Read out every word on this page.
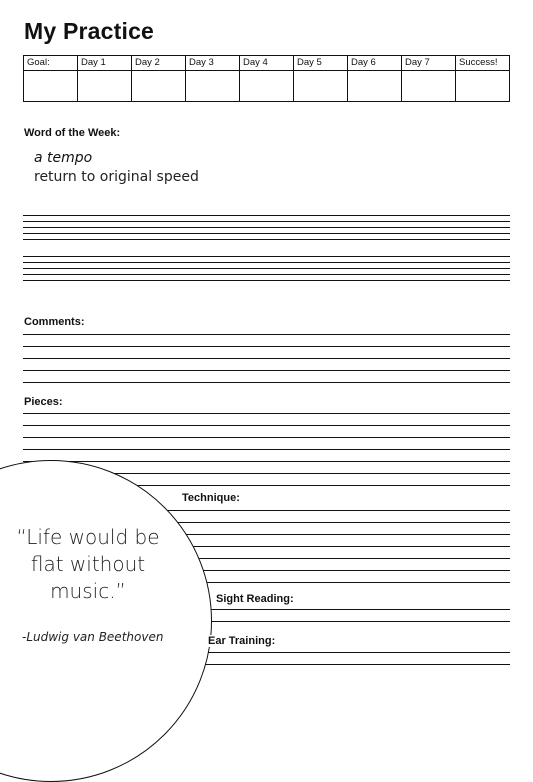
My Practice
Goal:	Day 1	Day 2	Day 3	Day 4	Day 5	Day 6	Day 7	Success!

Word of the Week:
a tempo
return to original speed
Comments:
Pieces:
“Life would be flat without music.”
-Ludwig van Beethoven
Technique:
Sight Reading:
Ear Training:
